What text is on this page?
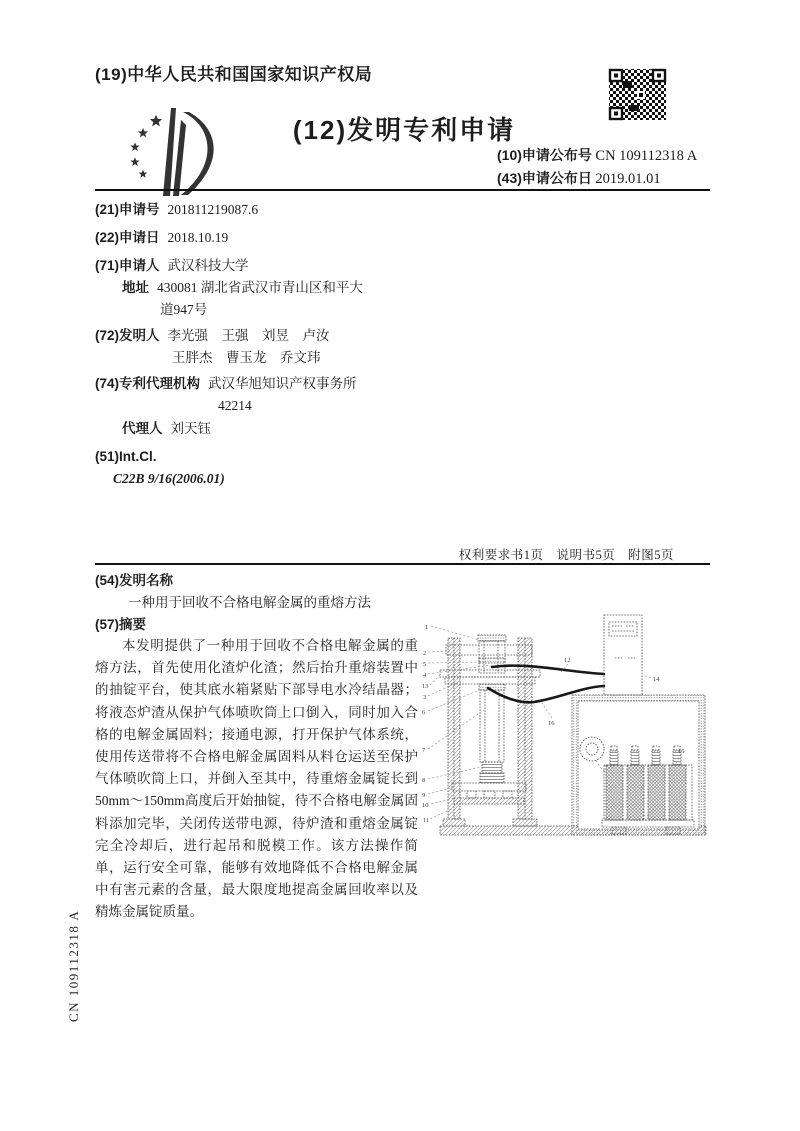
(19)中华人民共和国国家知识产权局
(12)发明专利申请
(10)申请公布号 CN 109112318 A
(43)申请公布日 2019.01.01
(21)申请号 201811219087.6
(22)申请日 2018.10.19
(71)申请人 武汉科技大学
地址 430081 湖北省武汉市青山区和平大
道947号
(72)发明人 李光强　王强　刘昱　卢汝
王胖杰　曹玉龙　乔文玮
(74)专利代理机构 武汉华旭知识产权事务所
42214
代理人 刘天钰
(51)Int.Cl.
C22B 9/16(2006.01)
权利要求书1页　说明书5页　附图5页
(54)发明名称
一种用于回收不合格电解金属的重熔方法
(57)摘要
本发明提供了一种用于回收不合格电解金属的重熔方法，首先使用化渣炉化渣；然后抬升重熔装置中的抽锭平台，使其底水箱紧贴下部导电水冷结晶器；将液态炉渣从保护气体喷吹筒上口倒入，同时加入合格的电解金属固料；接通电源，打开保护气体系统，使用传送带将不合格电解金属固料从料仓运送至保护气体喷吹筒上口，并倒入至其中，待重熔金属锭长到50mm～150mm高度后开始抽锭，待不合格电解金属固料添加完毕，关闭传送带电源，待炉渣和重熔金属锭完全冷却后，进行起吊和脱模工作。该方法操作简单，运行安全可靠，能够有效地降低不合格电解金属中有害元素的含量，最大限度地提高金属回收率以及精炼金属锭质量。
1
2
5
4
13
3
6
7
8
9
10
11
12
16
14
15
CN 109112318 A
